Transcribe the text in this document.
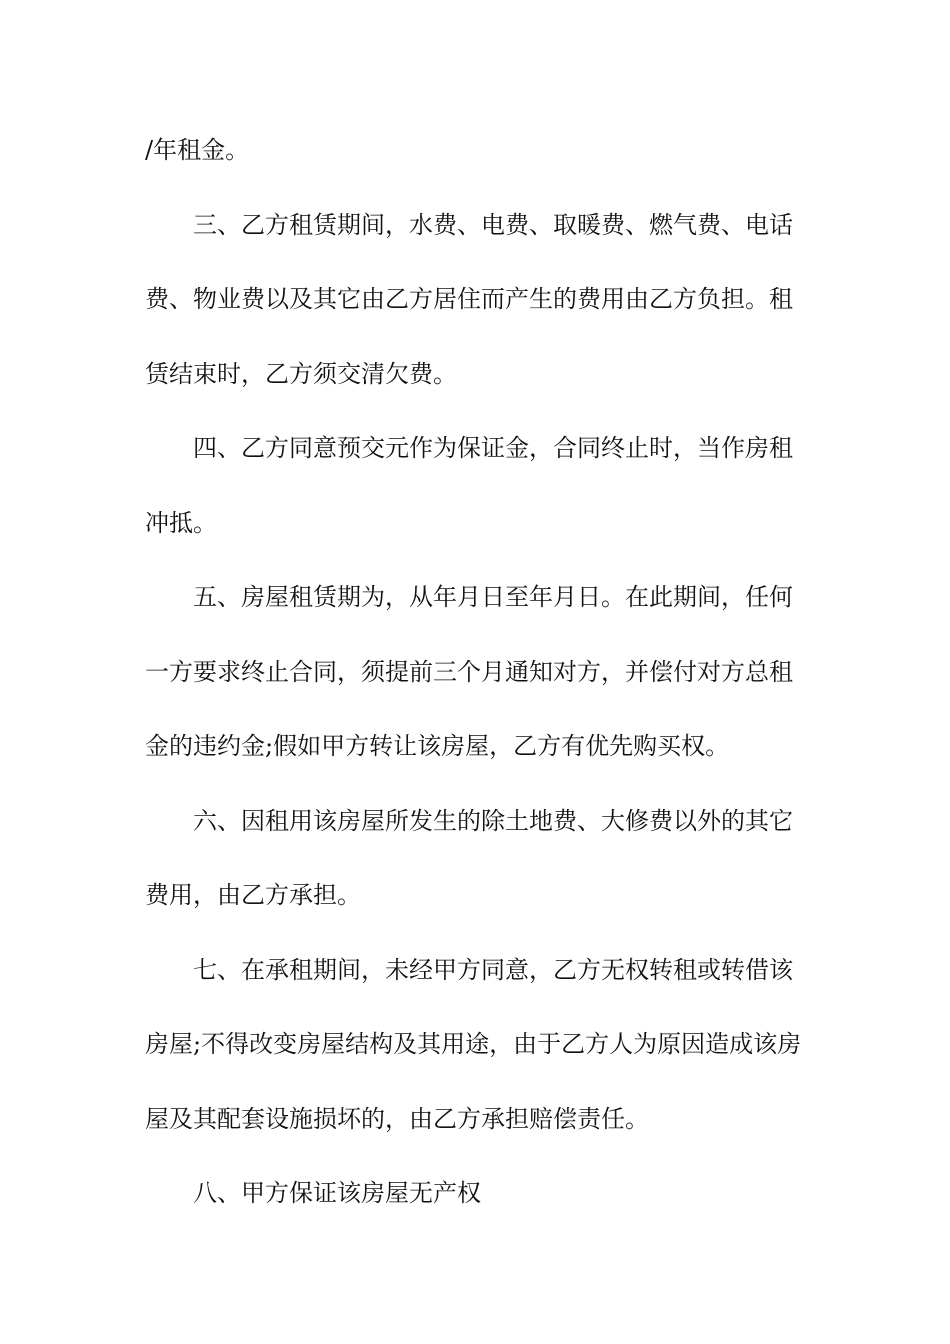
/年租金。
三、乙方租赁期间，水费、电费、取暖费、燃气费、电话
费、物业费以及其它由乙方居住而产生的费用由乙方负担。租
赁结束时，乙方须交清欠费。
四、乙方同意预交元作为保证金，合同终止时，当作房租
冲抵。
五、房屋租赁期为，从年月日至年月日。在此期间，任何
一方要求终止合同，须提前三个月通知对方，并偿付对方总租
金的违约金;假如甲方转让该房屋，乙方有优先购买权。
六、因租用该房屋所发生的除土地费、大修费以外的其它
费用，由乙方承担。
七、在承租期间，未经甲方同意，乙方无权转租或转借该
房屋;不得改变房屋结构及其用途，由于乙方人为原因造成该房
屋及其配套设施损坏的，由乙方承担赔偿责任。
八、甲方保证该房屋无产权
